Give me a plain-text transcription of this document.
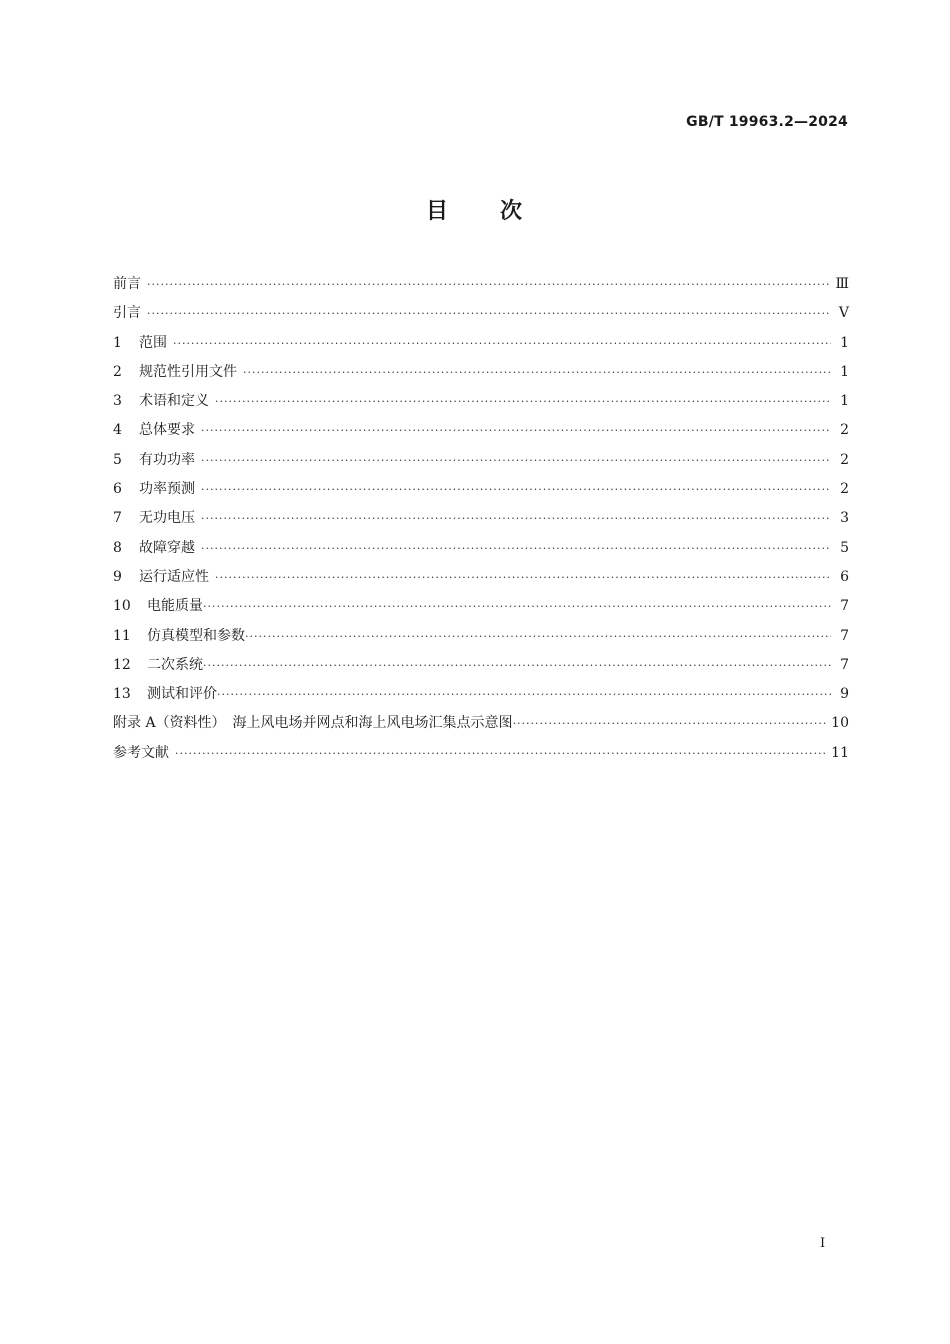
GB/T 19963.2—2024
目 次
前言 ·····	Ⅲ
引言 ·····	Ⅴ
1	范围 ·····	1
2	规范性引用文件 ·····	1
3	术语和定义 ·····	1
4	总体要求 ·····	2
5	有功功率 ·····	2
6	功率预测 ·····	2
7	无功电压 ·····	3
8	故障穿越 ·····	5
9	运行适应性 ·····	6
10	电能质量 ·····	7
11	仿真模型和参数 ·····	7
12	二次系统 ·····	7
13	测试和评价 ·····	9
附录 A（资料性）　海上风电场并网点和海上风电场汇集点示意图 ·····	10
参考文献 ·····	11
I
